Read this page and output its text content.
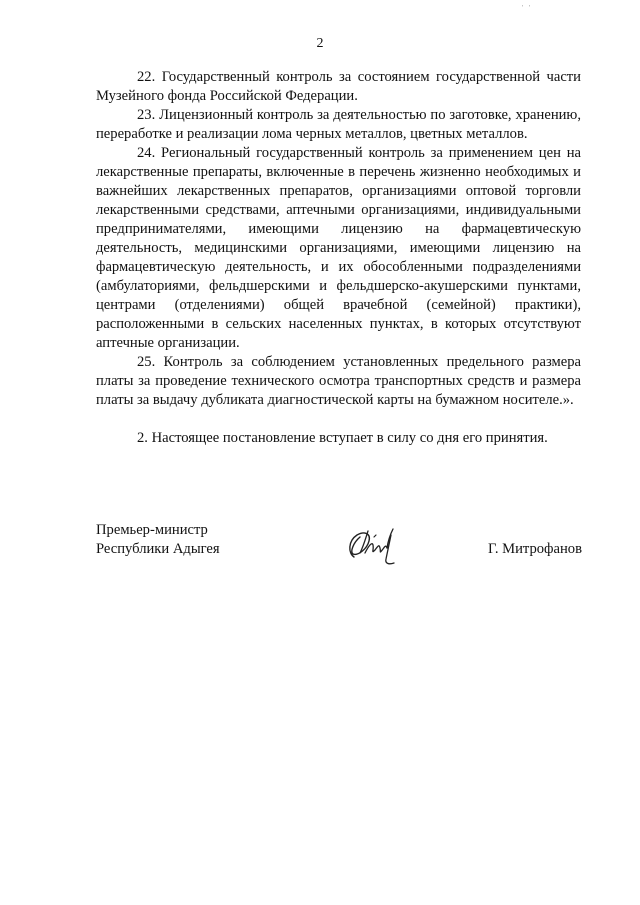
' '
2

22. Государственный контроль за состоянием государственной части Музейного фонда Российской Федерации.

23. Лицензионный контроль за деятельностью по заготовке, хранению, переработке и реализации лома черных металлов, цветных металлов.

24. Региональный государственный контроль за применением цен на лекарственные препараты, включенные в перечень жизненно необходимых и важнейших лекарственных препаратов, организациями оптовой торговли лекарственными средствами, аптечными организациями, индивидуальными предпринимателями, имеющими лицензию на фармацевтическую деятельность, медицинскими организациями, имеющими лицензию на фармацевтическую деятельность, и их обособленными подразделениями (амбулаториями, фельдшерскими и фельдшерско-акушерскими пунктами, центрами (отделениями) общей врачебной (семейной) практики), расположенными в сельских населенных пунктах, в которых отсутствуют аптечные организации.

25. Контроль за соблюдением установленных предельного размера платы за проведение технического осмотра транспортных средств и размера платы за выдачу дубликата диагностической карты на бумажном носителе.».

2. Настоящее постановление вступает в силу со дня его принятия.

Премьер-министр
Республики Адыгея	Г. Митрофанов
